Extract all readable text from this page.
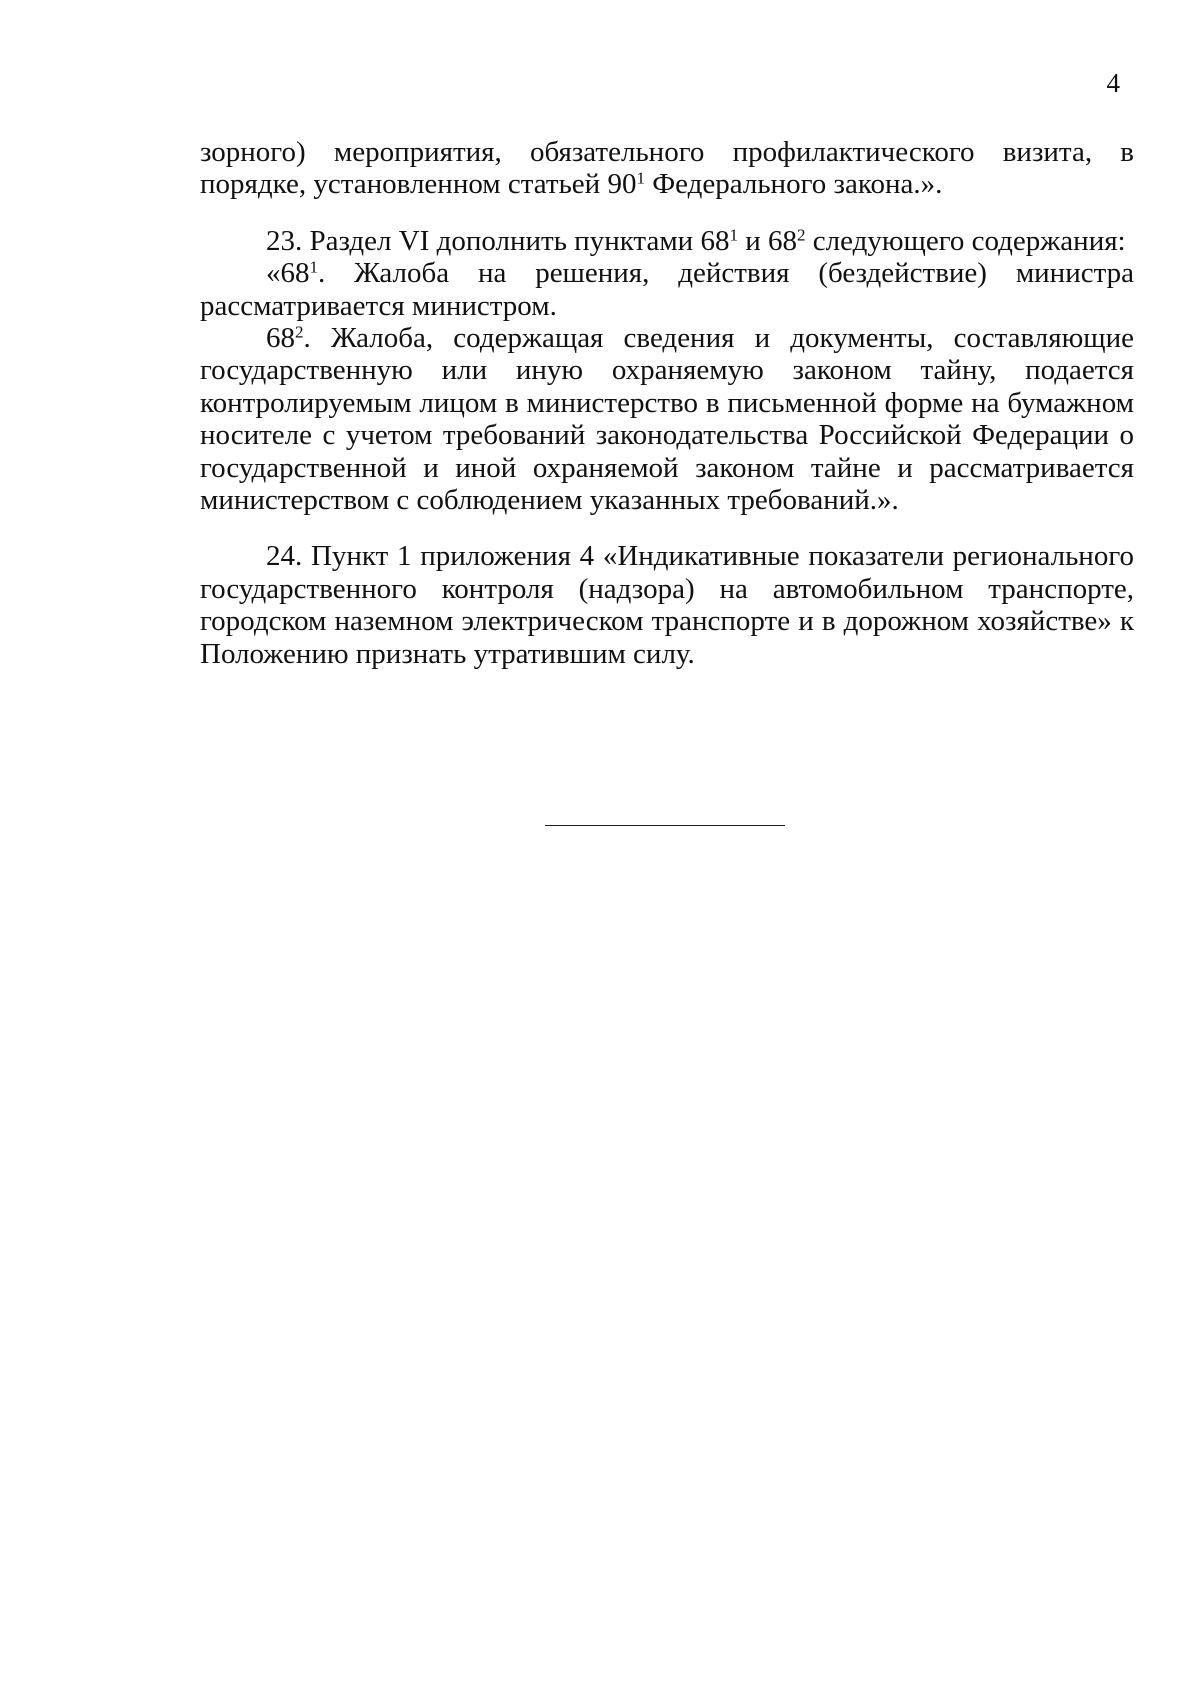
4

зорного) мероприятия, обязательного профилактического визита, в порядке, установленном статьей $90^1$ Федерального закона.».

23. Раздел VI дополнить пунктами $68^1$ и $68^2$ следующего содержания:

«$68^1$. Жалоба на решения, действия (бездействие) министра рассматривается министром.

$68^2$. Жалоба, содержащая сведения и документы, составляющие государственную или иную охраняемую законом тайну, подается контролируемым лицом в министерство в письменной форме на бумажном носителе с учетом требований законодательства Российской Федерации о государственной и иной охраняемой законом тайне и рассматривается министерством с соблюдением указанных требований.».

24. Пункт 1 приложения 4 «Индикативные показатели регионального государственного контроля (надзора) на автомобильном транспорте, городском наземном электрическом транспорте и в дорожном хозяйстве» к Положению признать утратившим силу.
